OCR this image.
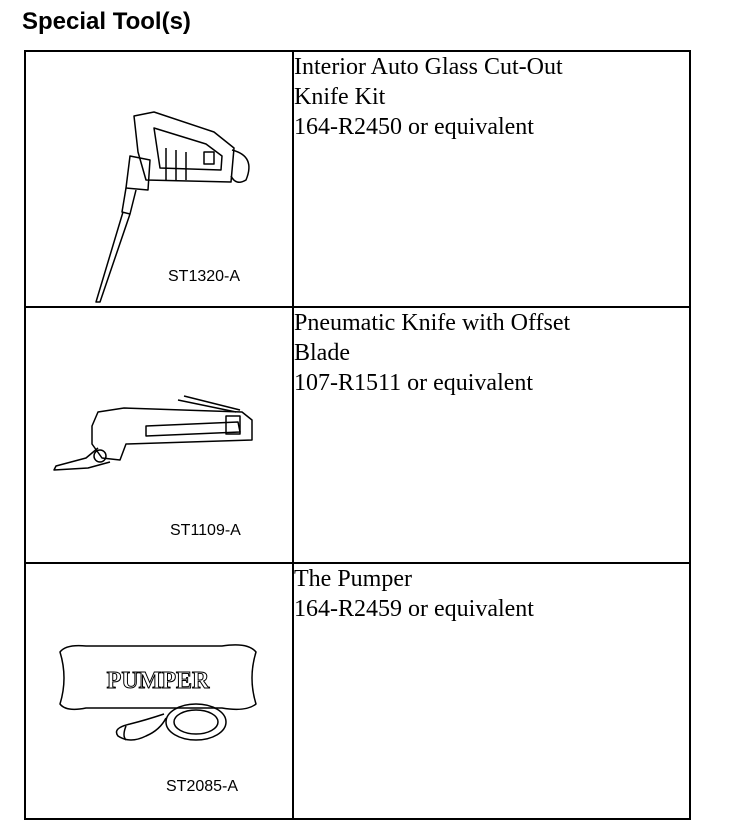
Special Tool(s)
ST1320-A	Interior Auto Glass Cut-Out
Knife Kit
164-R2450 or equivalent

ST1109-A	Pneumatic Knife with Offset
Blade
107-R1511 or equivalent

PUMPER
ST2085-A	The Pumper
164-R2459 or equivalent
